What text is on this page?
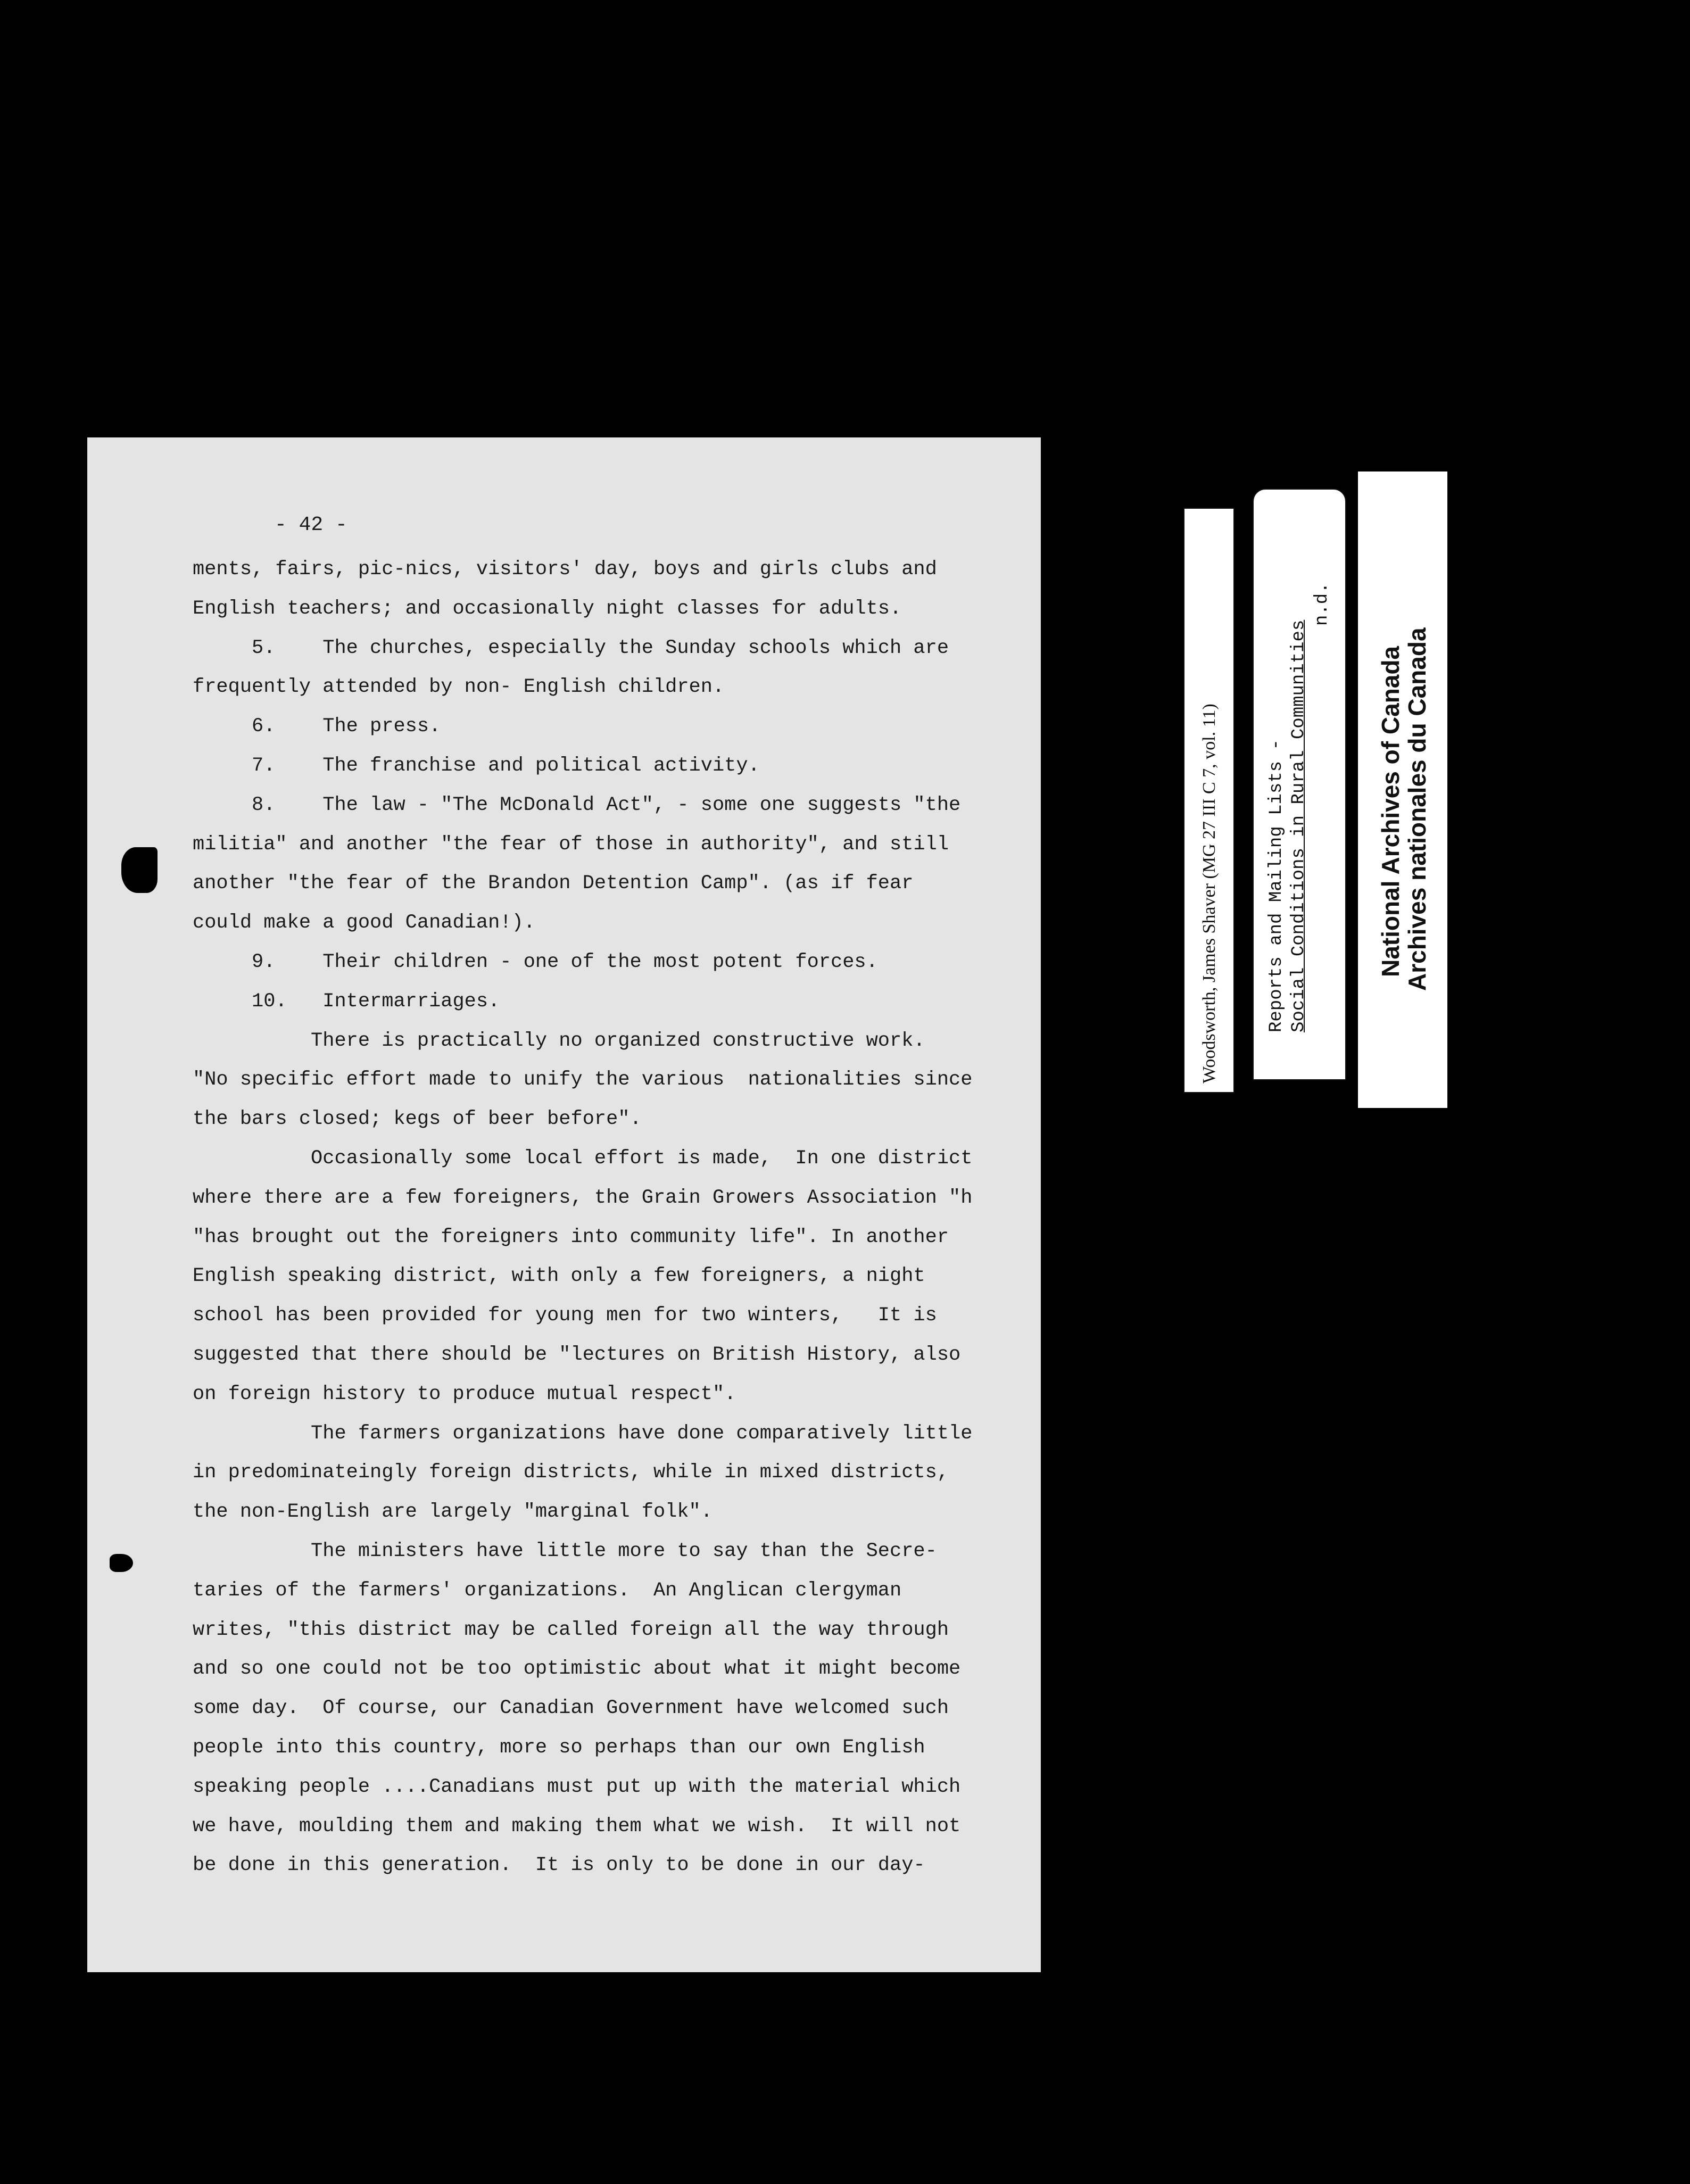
- 42 -
ments, fairs, pic-nics, visitors' day, boys and girls clubs and
English teachers; and occasionally night classes for adults.
5.    The churches, especially the Sunday schools which are
frequently attended by non- English children.
6.    The press.
7.    The franchise and political activity.
8.    The law - "The McDonald Act", - some one suggests "the
militia" and another "the fear of those in authority", and still
another "the fear of the Brandon Detention Camp". (as if fear
could make a good Canadian!).
9.    Their children - one of the most potent forces.
10.   Intermarriages.
There is practically no organized constructive work.
"No specific effort made to unify the various  nationalities since
the bars closed; kegs of beer before".
Occasionally some local effort is made,  In one district
where there are a few foreigners, the Grain Growers Association "h
"has brought out the foreigners into community life". In another
English speaking district, with only a few foreigners, a night
school has been provided for young men for two winters,   It is
suggested that there should be "lectures on British History, also
on foreign history to produce mutual respect".
The farmers organizations have done comparatively little
in predominateingly foreign districts, while in mixed districts,
the non-English are largely "marginal folk".
The ministers have little more to say than the Secre-
taries of the farmers' organizations.  An Anglican clergyman
writes, "this district may be called foreign all the way through
and so one could not be too optimistic about what it might become
some day.  Of course, our Canadian Government have welcomed such
people into this country, more so perhaps than our own English
speaking people ....Canadians must put up with the material which
we have, moulding them and making them what we wish.  It will not
be done in this generation.  It is only to be done in our day-
Woodsworth, James Shaver (MG 27 III C 7, vol. 11)	Reports and Mailing Lists - Social Conditions in Rural Communities
n.d.
11.37
National Archives of Canada
Archives nationales du Canada
